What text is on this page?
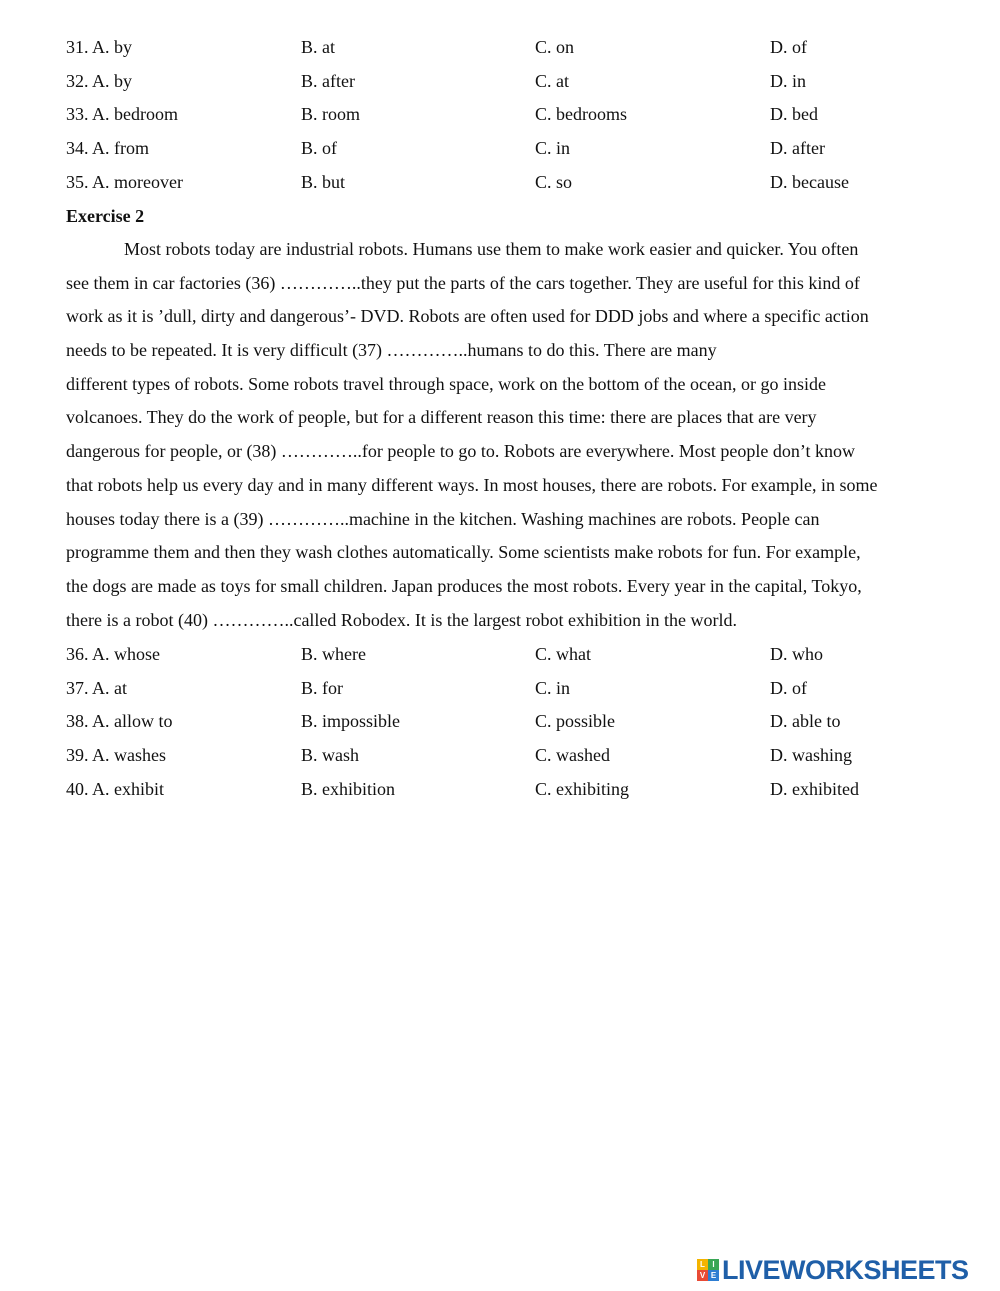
31. A. by	B. at	C. on	D. of
32. A. by	B. after	C. at	D. in
33. A. bedroom	B. room	C. bedrooms	D. bed
34. A. from	B. of	C. in	D. after
35. A. moreover	B. but	C. so	D. because
Exercise 2
Most robots today are industrial robots. Humans use them to make work easier and quicker. You often
see them in car factories (36) …………..they put the parts of the cars together. They are useful for this kind of
work as it is ’dull, dirty and dangerous’- DVD. Robots are often used for DDD jobs and where a specific action
needs to be repeated. It is very difficult (37) …………..humans to do this. There are many
different types of robots. Some robots travel through space, work on the bottom of the ocean, or go inside
volcanoes. They do the work of people, but for a different reason this time: there are places that are very
dangerous for people, or (38) …………..for people to go to. Robots are everywhere. Most people don’t know
that robots help us every day and in many different ways. In most houses, there are robots. For example, in some
houses today there is a (39) …………..machine in the kitchen. Washing machines are robots. People can
programme them and then they wash clothes automatically. Some scientists make robots for fun. For example,
the dogs are made as toys for small children. Japan produces the most robots. Every year in the capital, Tokyo,
there is a robot (40) …………..called Robodex. It is the largest robot exhibition in the world.
36. A. whose	B. where	C. what	D. who
37. A. at	B. for	C. in	D. of
38. A. allow to	B. impossible	C. possible	D. able to
39. A. washes	B. wash	C. washed	D. washing
40. A. exhibit	B. exhibition	C. exhibiting	D. exhibited
L I
V E LIVEWORKSHEETS
